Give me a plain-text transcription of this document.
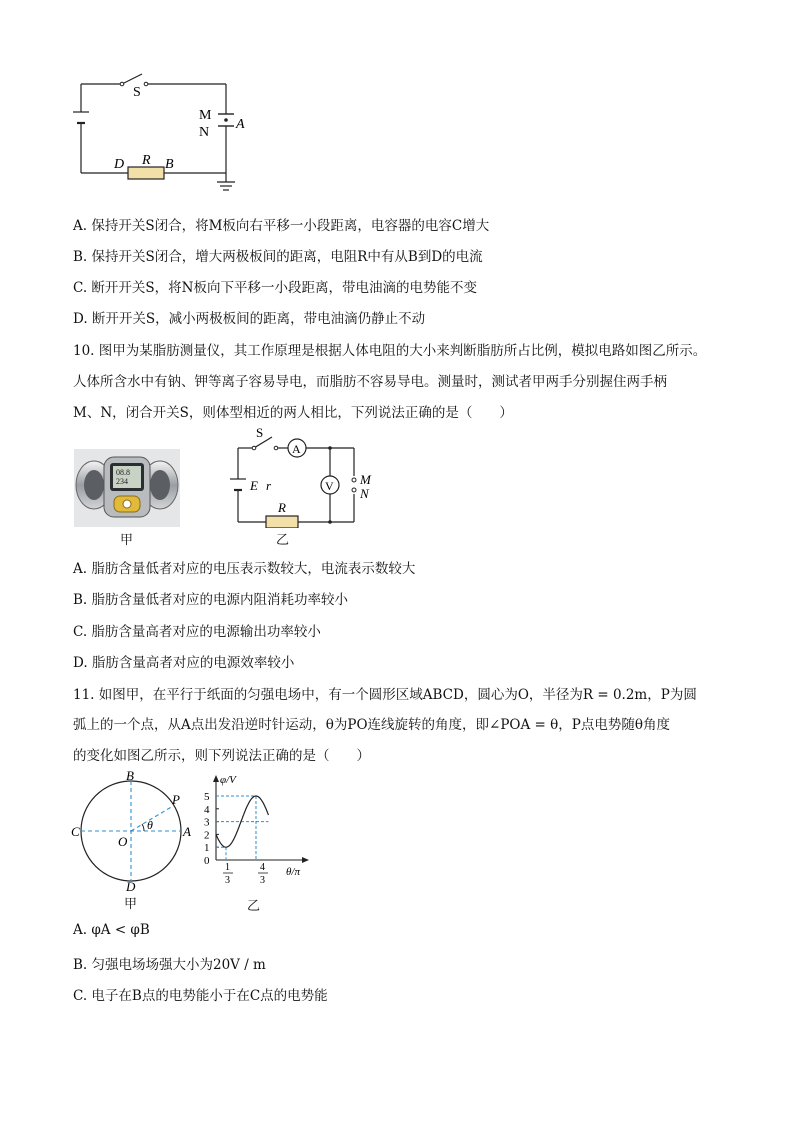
S
M
N
A
D R B
A. 保持开关S闭合，将M板向右平移一小段距离，电容器的电容C增大
B. 保持开关S闭合，增大两极板间的距离，电阻R中有从B到D的电流
C. 断开开关S，将N板向下平移一小段距离，带电油滴的电势能不变
D. 断开开关S，减小两极板间的距离，带电油滴仍静止不动
10. 图甲为某脂肪测量仪，其工作原理是根据人体电阻的大小来判断脂肪所占比例，模拟电路如图乙所示。
人体所含水中有钠、钾等离子容易导电，而脂肪不容易导电。测量时，测试者甲两手分别握住两手柄
M、N，闭合开关S，则体型相近的两人相比，下列说法正确的是（　　）
08.8
234
甲
A
V
S
E r
R
M
N
乙
A. 脂肪含量低者对应的电压表示数较大，电流表示数较大
B. 脂肪含量低者对应的电源内阻消耗功率较小
C. 脂肪含量高者对应的电源输出功率较小
D. 脂肪含量高者对应的电源效率较小
11. 如图甲，在平行于纸面的匀强电场中，有一个圆形区域ABCD，圆心为O，半径为R = 0.2m，P为圆
弧上的一个点，从A点出发沿逆时针运动，θ为PO连线旋转的角度，即∠POA = θ，P点电势随θ角度
的变化如图乙所示，则下列说法正确的是（　　）
B
C	A
D
O
P
θ
甲
φ/V
θ/π
5
4
3
2
1
0
1
3
4
3
乙
A. φA < φB
B. 匀强电场场强大小为20V / m
C. 电子在B点的电势能小于在C点的电势能
